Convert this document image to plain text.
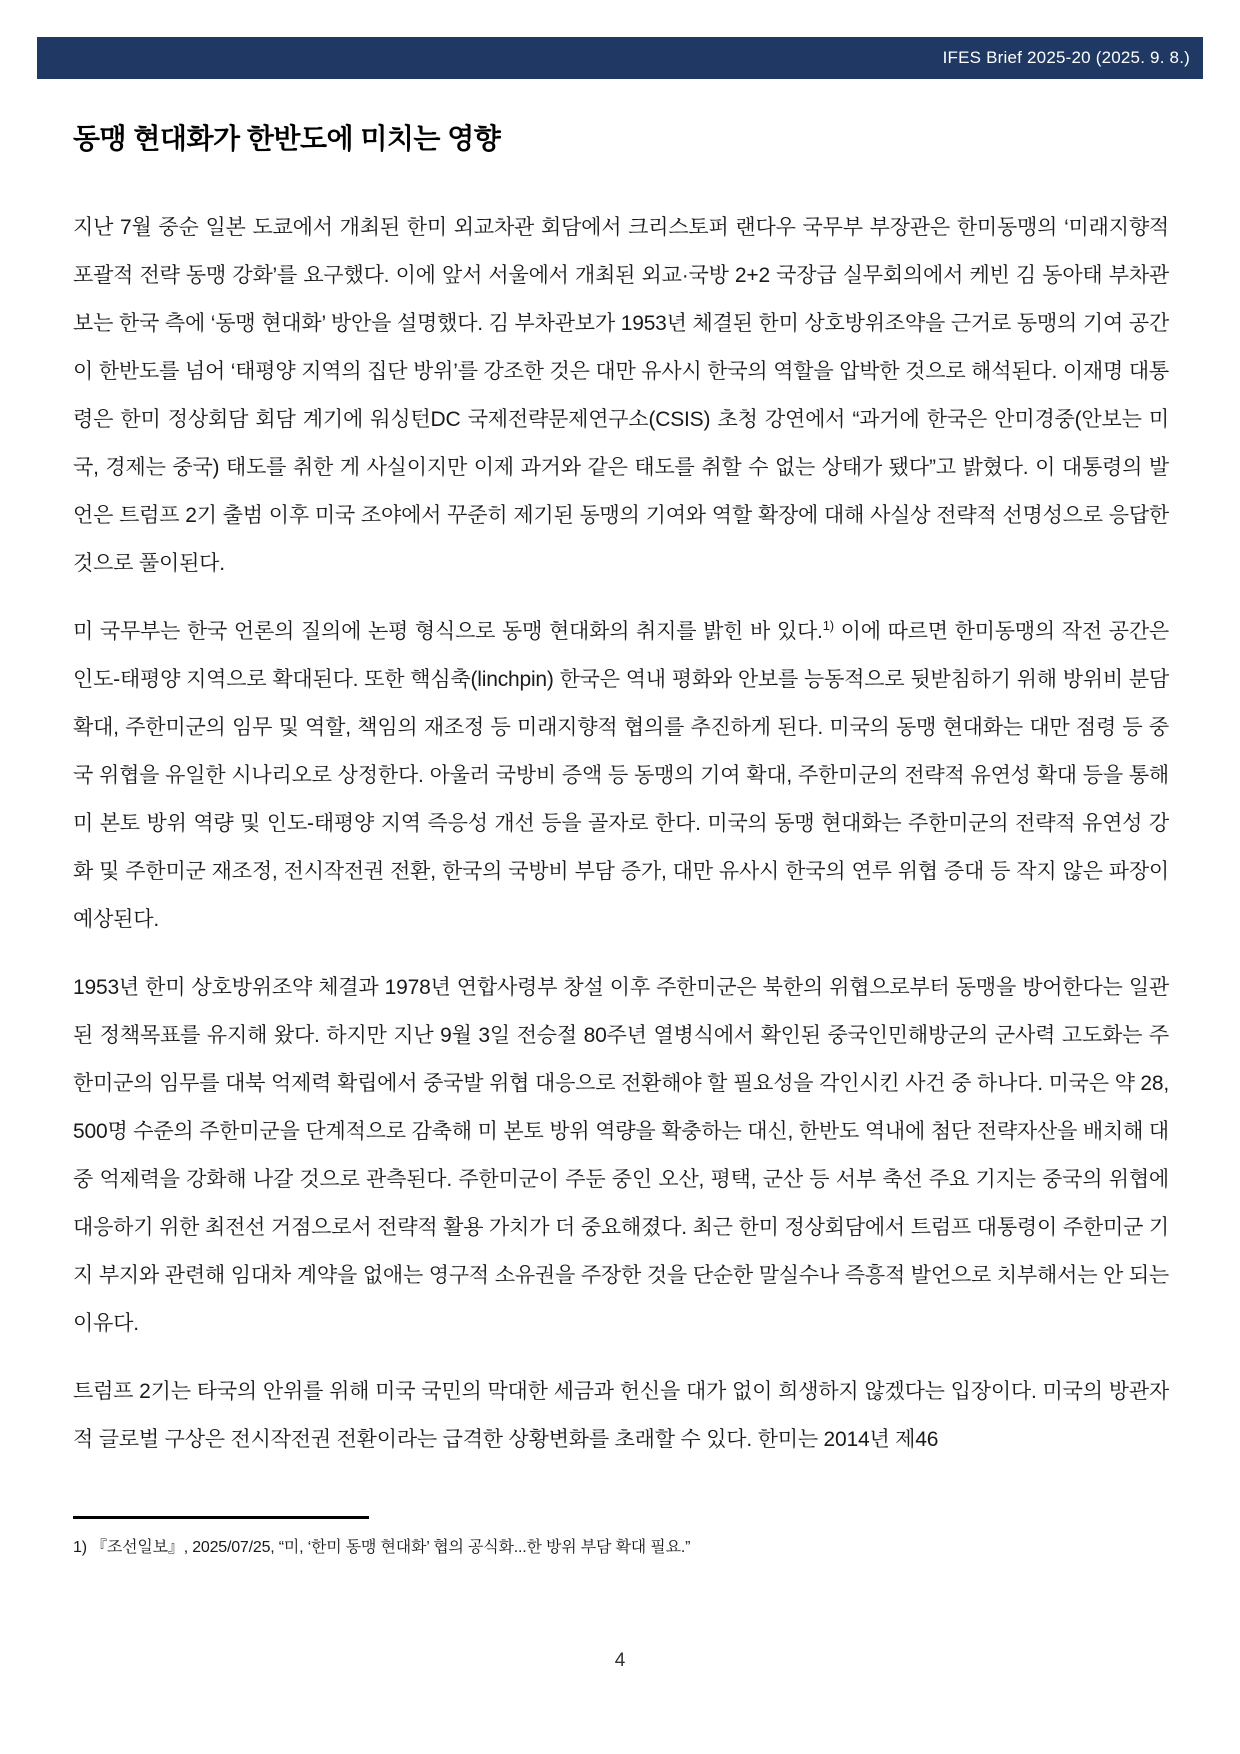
IFES Brief 2025-20 (2025. 9. 8.)
동맹 현대화가 한반도에 미치는 영향

지난 7월 중순 일본 도쿄에서 개최된 한미 외교차관 회담에서 크리스토퍼 랜다우 국무부 부장관은 한미동맹의 ‘미래지향적 포괄적 전략 동맹 강화’를 요구했다. 이에 앞서 서울에서 개최된 외교·국방 2+2 국장급 실무회의에서 케빈 김 동아태 부차관보는 한국 측에 ‘동맹 현대화’ 방안을 설명했다. 김 부차관보가 1953년 체결된 한미 상호방위조약을 근거로 동맹의 기여 공간이 한반도를 넘어 ‘태평양 지역의 집단 방위’를 강조한 것은 대만 유사시 한국의 역할을 압박한 것으로 해석된다. 이재명 대통령은 한미 정상회담 회담 계기에 워싱턴DC 국제전략문제연구소(CSIS) 초청 강연에서 “과거에 한국은 안미경중(안보는 미국, 경제는 중국) 태도를 취한 게 사실이지만 이제 과거와 같은 태도를 취할 수 없는 상태가 됐다”고 밝혔다. 이 대통령의 발언은 트럼프 2기 출범 이후 미국 조야에서 꾸준히 제기된 동맹의 기여와 역할 확장에 대해 사실상 전략적 선명성으로 응답한 것으로 풀이된다.

미 국무부는 한국 언론의 질의에 논평 형식으로 동맹 현대화의 취지를 밝힌 바 있다.$^{1)}$ 이에 따르면 한미동맹의 작전 공간은 인도-태평양 지역으로 확대된다. 또한 핵심축(linchpin) 한국은 역내 평화와 안보를 능동적으로 뒷받침하기 위해 방위비 분담 확대, 주한미군의 임무 및 역할, 책임의 재조정 등 미래지향적 협의를 추진하게 된다. 미국의 동맹 현대화는 대만 점령 등 중국 위협을 유일한 시나리오로 상정한다. 아울러 국방비 증액 등 동맹의 기여 확대, 주한미군의 전략적 유연성 확대 등을 통해 미 본토 방위 역량 및 인도-태평양 지역 즉응성 개선 등을 골자로 한다. 미국의 동맹 현대화는 주한미군의 전략적 유연성 강화 및 주한미군 재조정, 전시작전권 전환, 한국의 국방비 부담 증가, 대만 유사시 한국의 연루 위협 증대 등 작지 않은 파장이 예상된다.

1953년 한미 상호방위조약 체결과 1978년 연합사령부 창설 이후 주한미군은 북한의 위협으로부터 동맹을 방어한다는 일관된 정책목표를 유지해 왔다. 하지만 지난 9월 3일 전승절 80주년 열병식에서 확인된 중국인민해방군의 군사력 고도화는 주한미군의 임무를 대북 억제력 확립에서 중국발 위협 대응으로 전환해야 할 필요성을 각인시킨 사건 중 하나다. 미국은 약 28,500명 수준의 주한미군을 단계적으로 감축해 미 본토 방위 역량을 확충하는 대신, 한반도 역내에 첨단 전략자산을 배치해 대중 억제력을 강화해 나갈 것으로 관측된다. 주한미군이 주둔 중인 오산, 평택, 군산 등 서부 축선 주요 기지는 중국의 위협에 대응하기 위한 최전선 거점으로서 전략적 활용 가치가 더 중요해졌다. 최근 한미 정상회담에서 트럼프 대통령이 주한미군 기지 부지와 관련해 임대차 계약을 없애는 영구적 소유권을 주장한 것을 단순한 말실수나 즉흥적 발언으로 치부해서는 안 되는 이유다.

트럼프 2기는 타국의 안위를 위해 미국 국민의 막대한 세금과 헌신을 대가 없이 희생하지 않겠다는 입장이다. 미국의 방관자적 글로벌 구상은 전시작전권 전환이라는 급격한 상황변화를 초래할 수 있다. 한미는 2014년 제46

1) 『조선일보』, 2025/07/25, “미, ‘한미 동맹 현대화’ 협의 공식화...한 방위 부담 확대 필요.”
4
